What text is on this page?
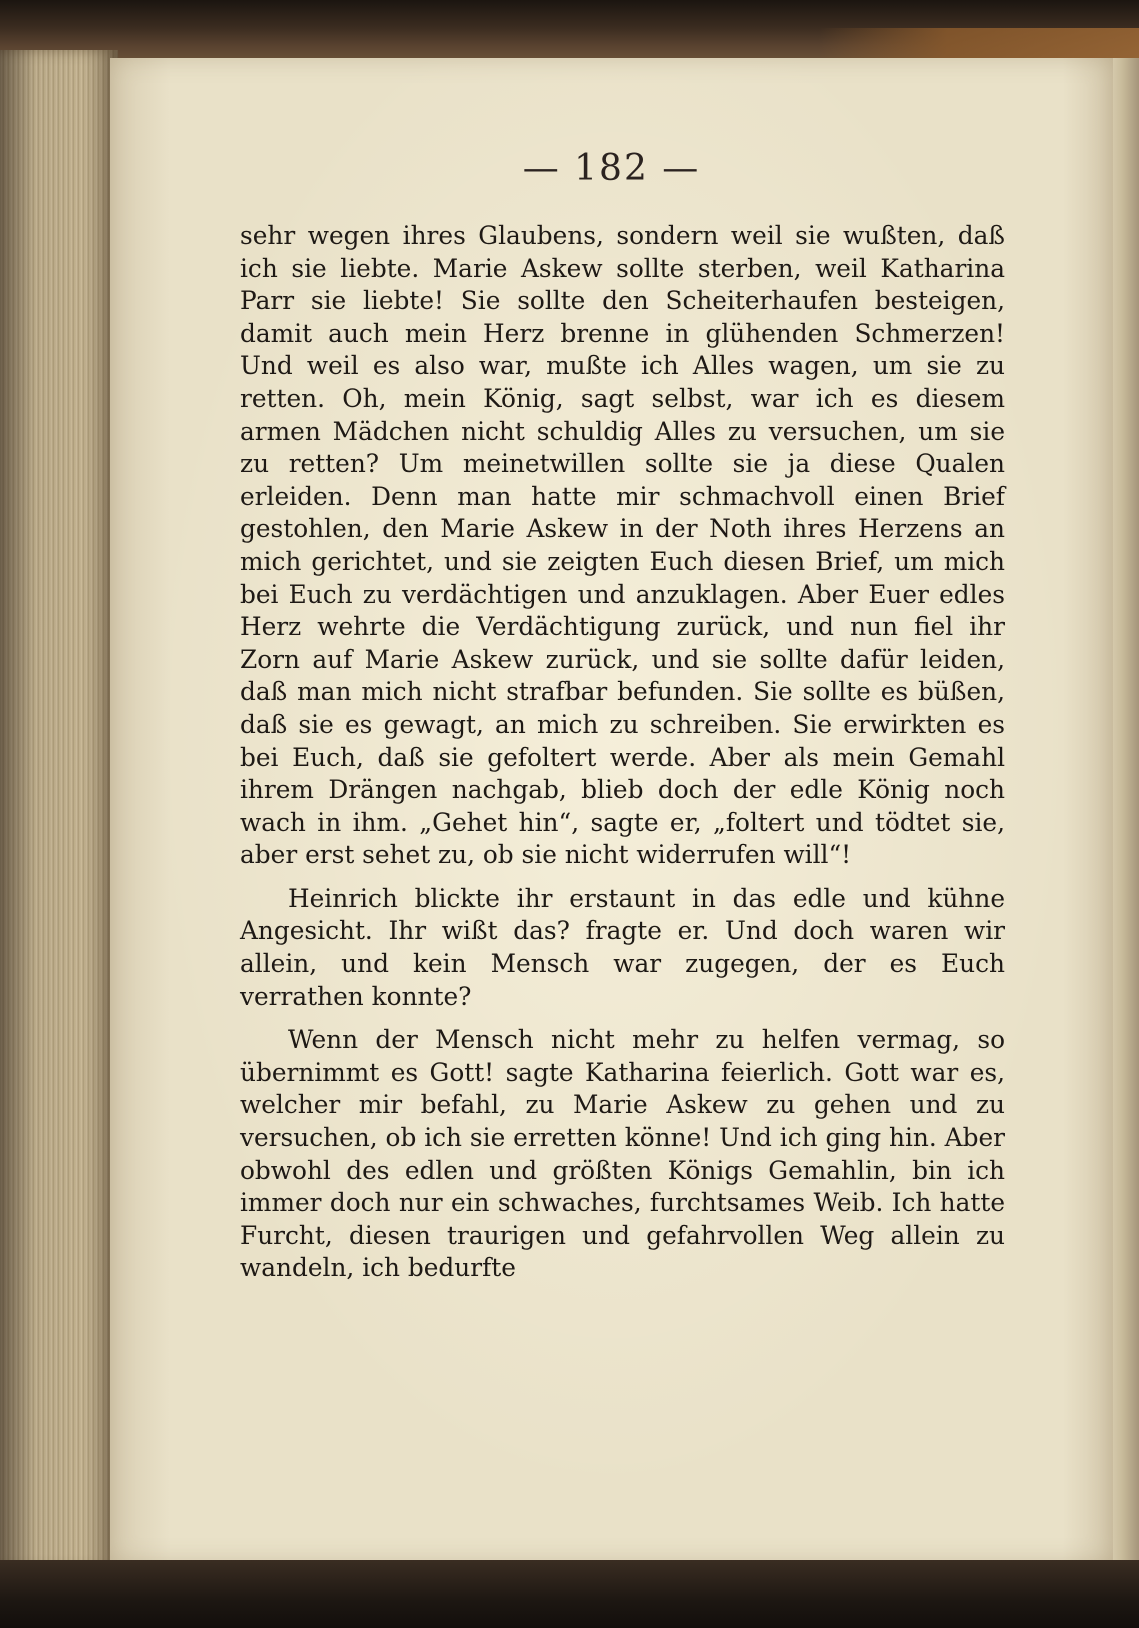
— 182 —

sehr wegen ihres Glaubens, sondern weil sie wußten, daß ich sie liebte. Marie Askew sollte sterben, weil Katharina Parr sie liebte! Sie sollte den Scheiterhaufen besteigen, damit auch mein Herz brenne in glühenden Schmerzen! Und weil es also war, mußte ich Alles wagen, um sie zu retten. Oh, mein König, sagt selbst, war ich es diesem armen Mädchen nicht schuldig Alles zu versuchen, um sie zu retten? Um meinetwillen sollte sie ja diese Qualen erleiden. Denn man hatte mir schmachvoll einen Brief gestohlen, den Marie Askew in der Noth ihres Herzens an mich gerichtet, und sie zeigten Euch diesen Brief, um mich bei Euch zu verdächtigen und anzuklagen. Aber Euer edles Herz wehrte die Verdächtigung zurück, und nun fiel ihr Zorn auf Marie Askew zurück, und sie sollte dafür leiden, daß man mich nicht strafbar befunden. Sie sollte es büßen, daß sie es gewagt, an mich zu schreiben. Sie erwirkten es bei Euch, daß sie gefoltert werde. Aber als mein Gemahl ihrem Drängen nachgab, blieb doch der edle König noch wach in ihm. „Gehet hin“, sagte er, „foltert und tödtet sie, aber erst sehet zu, ob sie nicht widerrufen will“!

Heinrich blickte ihr erstaunt in das edle und kühne Angesicht. Ihr wißt das? fragte er. Und doch waren wir allein, und kein Mensch war zugegen, der es Euch verrathen konnte?

Wenn der Mensch nicht mehr zu helfen vermag, so übernimmt es Gott! sagte Katharina feierlich. Gott war es, welcher mir befahl, zu Marie Askew zu gehen und zu versuchen, ob ich sie erretten könne! Und ich ging hin. Aber obwohl des edlen und größten Königs Gemahlin, bin ich immer doch nur ein schwaches, furchtsames Weib. Ich hatte Furcht, diesen traurigen und gefahrvollen Weg allein zu wandeln, ich bedurfte
